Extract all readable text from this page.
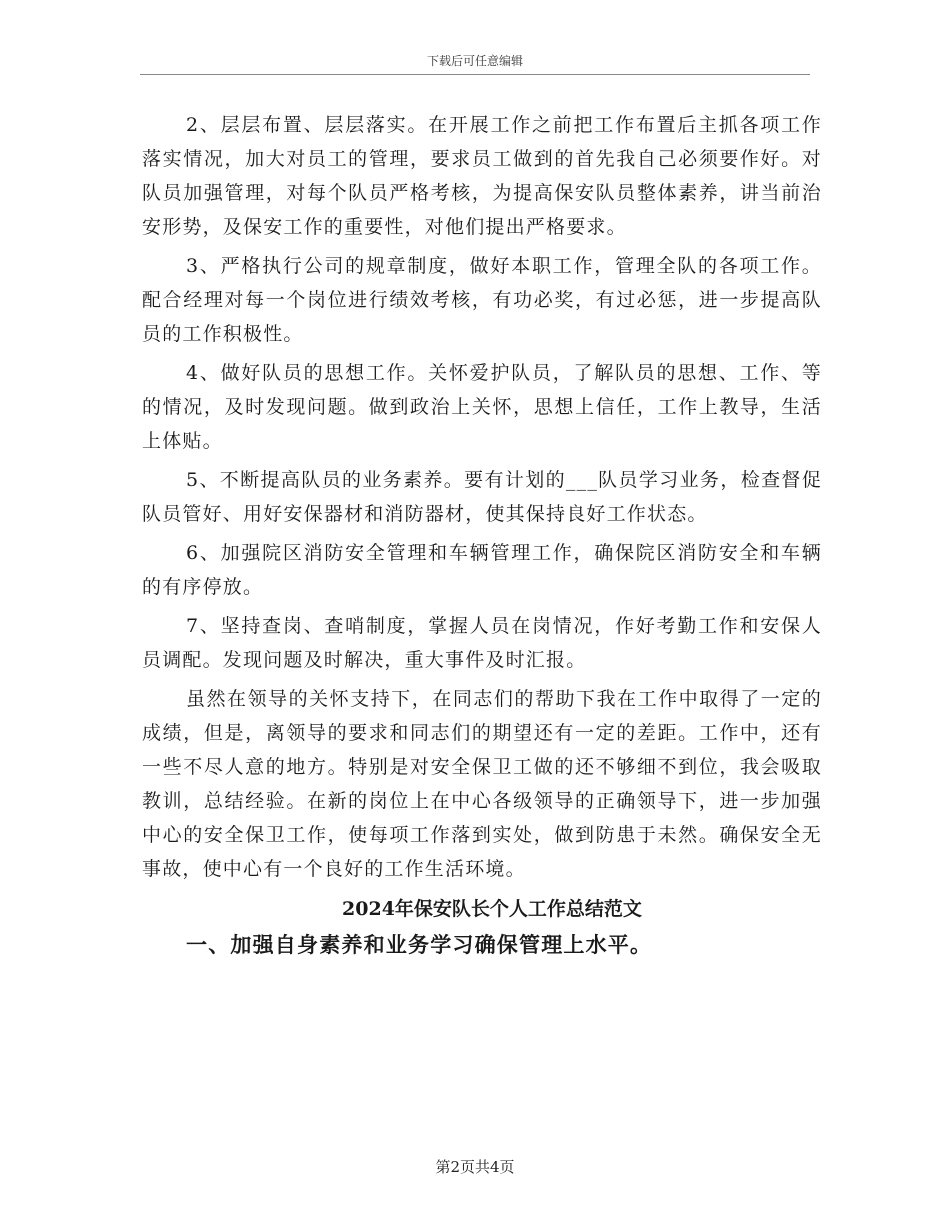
下载后可任意编辑

2、层层布置、层层落实。在开展工作之前把工作布置后主抓各项工作落实情况，加大对员工的管理，要求员工做到的首先我自己必须要作好。对队员加强管理，对每个队员严格考核，为提高保安队员整体素养，讲当前治安形势，及保安工作的重要性，对他们提出严格要求。

3、严格执行公司的规章制度，做好本职工作，管理全队的各项工作。配合经理对每一个岗位进行绩效考核，有功必奖，有过必惩，进一步提高队员的工作积极性。

4、做好队员的思想工作。关怀爱护队员，了解队员的思想、工作、等的情况，及时发现问题。做到政治上关怀，思想上信任，工作上教导，生活上体贴。

5、不断提高队员的业务素养。要有计划的___队员学习业务，检查督促队员管好、用好安保器材和消防器材，使其保持良好工作状态。

6、加强院区消防安全管理和车辆管理工作，确保院区消防安全和车辆的有序停放。

7、坚持查岗、查哨制度，掌握人员在岗情况，作好考勤工作和安保人员调配。发现问题及时解决，重大事件及时汇报。

虽然在领导的关怀支持下，在同志们的帮助下我在工作中取得了一定的成绩，但是，离领导的要求和同志们的期望还有一定的差距。工作中，还有一些不尽人意的地方。特别是对安全保卫工做的还不够细不到位，我会吸取教训，总结经验。在新的岗位上在中心各级领导的正确领导下，进一步加强中心的安全保卫工作，使每项工作落到实处，做到防患于未然。确保安全无事故，使中心有一个良好的工作生活环境。

2024年保安队长个人工作总结范文

一、加强自身素养和业务学习确保管理上水平。

第2页共4页
